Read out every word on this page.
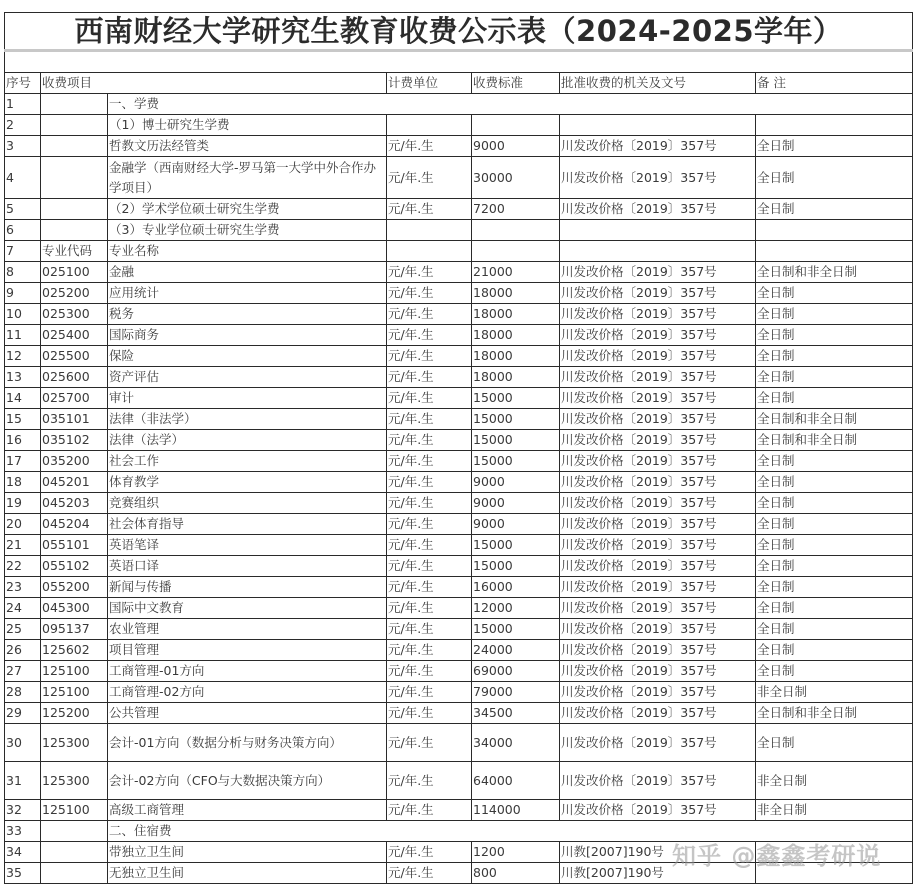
西南财经大学研究生教育收费公示表（2024-2025学年）						

序号	收费项目		计费单位	收费标准	批准收费的机关及文号	备 注
1		一、学费				
2		（1）博士研究生学费				
3		哲教文历法经管类	元/年.生	9000	川发改价格〔2019〕357号	全日制
4		金融学（西南财经大学-罗马第一大学中外合作办学项目）	元/年.生	30000	川发改价格〔2019〕357号	全日制
5		（2）学术学位硕士研究生学费	元/年.生	7200	川发改价格〔2019〕357号	全日制
6		（3）专业学位硕士研究生学费				
7	专业代码	专业名称				
8	025100	金融	元/年.生	21000	川发改价格〔2019〕357号	全日制和非全日制
9	025200	应用统计	元/年.生	18000	川发改价格〔2019〕357号	全日制
10	025300	税务	元/年.生	18000	川发改价格〔2019〕357号	全日制
11	025400	国际商务	元/年.生	18000	川发改价格〔2019〕357号	全日制
12	025500	保险	元/年.生	18000	川发改价格〔2019〕357号	全日制
13	025600	资产评估	元/年.生	18000	川发改价格〔2019〕357号	全日制
14	025700	审计	元/年.生	15000	川发改价格〔2019〕357号	全日制
15	035101	法律（非法学）	元/年.生	15000	川发改价格〔2019〕357号	全日制和非全日制
16	035102	法律（法学）	元/年.生	15000	川发改价格〔2019〕357号	全日制和非全日制
17	035200	社会工作	元/年.生	15000	川发改价格〔2019〕357号	全日制
18	045201	体育教学	元/年.生	9000	川发改价格〔2019〕357号	全日制
19	045203	竞赛组织	元/年.生	9000	川发改价格〔2019〕357号	全日制
20	045204	社会体育指导	元/年.生	9000	川发改价格〔2019〕357号	全日制
21	055101	英语笔译	元/年.生	15000	川发改价格〔2019〕357号	全日制
22	055102	英语口译	元/年.生	15000	川发改价格〔2019〕357号	全日制
23	055200	新闻与传播	元/年.生	16000	川发改价格〔2019〕357号	全日制
24	045300	国际中文教育	元/年.生	12000	川发改价格〔2019〕357号	全日制
25	095137	农业管理	元/年.生	15000	川发改价格〔2019〕357号	全日制
26	125602	项目管理	元/年.生	24000	川发改价格〔2019〕357号	全日制
27	125100	工商管理-01方向	元/年.生	69000	川发改价格〔2019〕357号	全日制
28	125100	工商管理-02方向	元/年.生	79000	川发改价格〔2019〕357号	非全日制
29	125200	公共管理	元/年.生	34500	川发改价格〔2019〕357号	全日制和非全日制
30	125300	会计-01方向（数据分析与财务决策方向）	元/年.生	34000	川发改价格〔2019〕357号	全日制
31	125300	会计-02方向（CFO与大数据决策方向）	元/年.生	64000	川发改价格〔2019〕357号	非全日制
32	125100	高级工商管理	元/年.生	114000	川发改价格〔2019〕357号	非全日制
33		二、住宿费				
34		带独立卫生间	元/年.生	1200	川教[2007]190号	
35		无独立卫生间	元/年.生	800	川教[2007]190号	
知乎 @鑫鑫考研说
